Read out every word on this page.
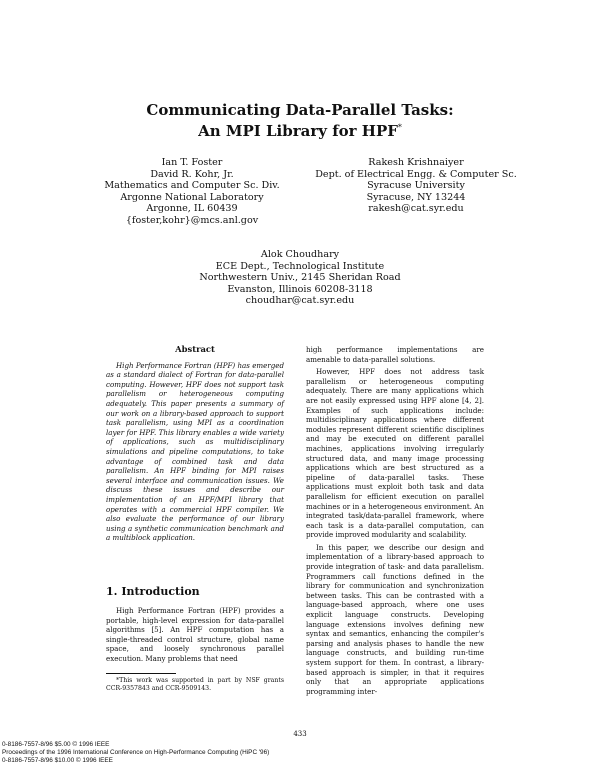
Communicating Data-Parallel Tasks:
An MPI Library for HPF*
Ian T. Foster
David R. Kohr, Jr.
Mathematics and Computer Sc. Div.
Argonne National Laboratory
Argonne, IL 60439
{foster,kohr}@mcs.anl.gov
Rakesh Krishnaiyer
Dept. of Electrical Engg. & Computer Sc.
Syracuse University
Syracuse, NY 13244
rakesh@cat.syr.edu
Alok Choudhary
ECE Dept., Technological Institute
Northwestern Univ., 2145 Sheridan Road
Evanston, Illinois 60208-3118
choudhar@cat.syr.edu
Abstract

High Performance Fortran (HPF) has emerged as a standard dialect of Fortran for data-parallel computing. However, HPF does not support task parallelism or heterogeneous computing adequately. This paper presents a summary of our work on a library-based approach to support task parallelism, using MPI as a coordination layer for HPF. This library enables a wide variety of applications, such as multidisciplinary simulations and pipeline computations, to take advantage of combined task and data parallelism. An HPF binding for MPI raises several interface and communication issues. We discuss these issues and describe our implementation of an HPF/MPI library that operates with a commercial HPF compiler. We also evaluate the performance of our library using a synthetic communication benchmark and a multiblock application.

1. Introduction

High Performance Fortran (HPF) provides a portable, high-level expression for data-parallel algorithms [5]. An HPF computation has a single-threaded control structure, global name space, and loosely synchronous parallel execution. Many problems that need

*This work was supported in part by NSF grants CCR-9357843 and CCR-9509143.

high performance implementations are amenable to data-parallel solutions.

However, HPF does not address task parallelism or heterogeneous computing adequately. There are many applications which are not easily expressed using HPF alone [4, 2]. Examples of such applications include: multidisciplinary applications where different modules represent different scientific disciplines and may be executed on different parallel machines, applications involving irregularly structured data, and many image processing applications which are best structured as a pipeline of data-parallel tasks. These applications must exploit both task and data parallelism for efficient execution on parallel machines or in a heterogeneous environment. An integrated task/data-parallel framework, where each task is a data-parallel computation, can provide improved modularity and scalability.

In this paper, we describe our design and implementation of a library-based approach to provide integration of task- and data parallelism. Programmers call functions defined in the library for communication and synchronization between tasks. This can be contrasted with a language-based approach, where one uses explicit language constructs. Developing language extensions involves defining new syntax and semantics, enhancing the compiler's parsing and analysis phases to handle the new language constructs, and building run-time system support for them. In contrast, a library-based approach is simpler, in that it requires only that an appropriate applications programming inter-

433
0-8186-7557-8/96 $5.00 © 1996 IEEE
Proceedings of the 1996 International Conference on High-Performance Computing (HiPC '96)
0-8186-7557-8/96 $10.00 © 1996 IEEE
